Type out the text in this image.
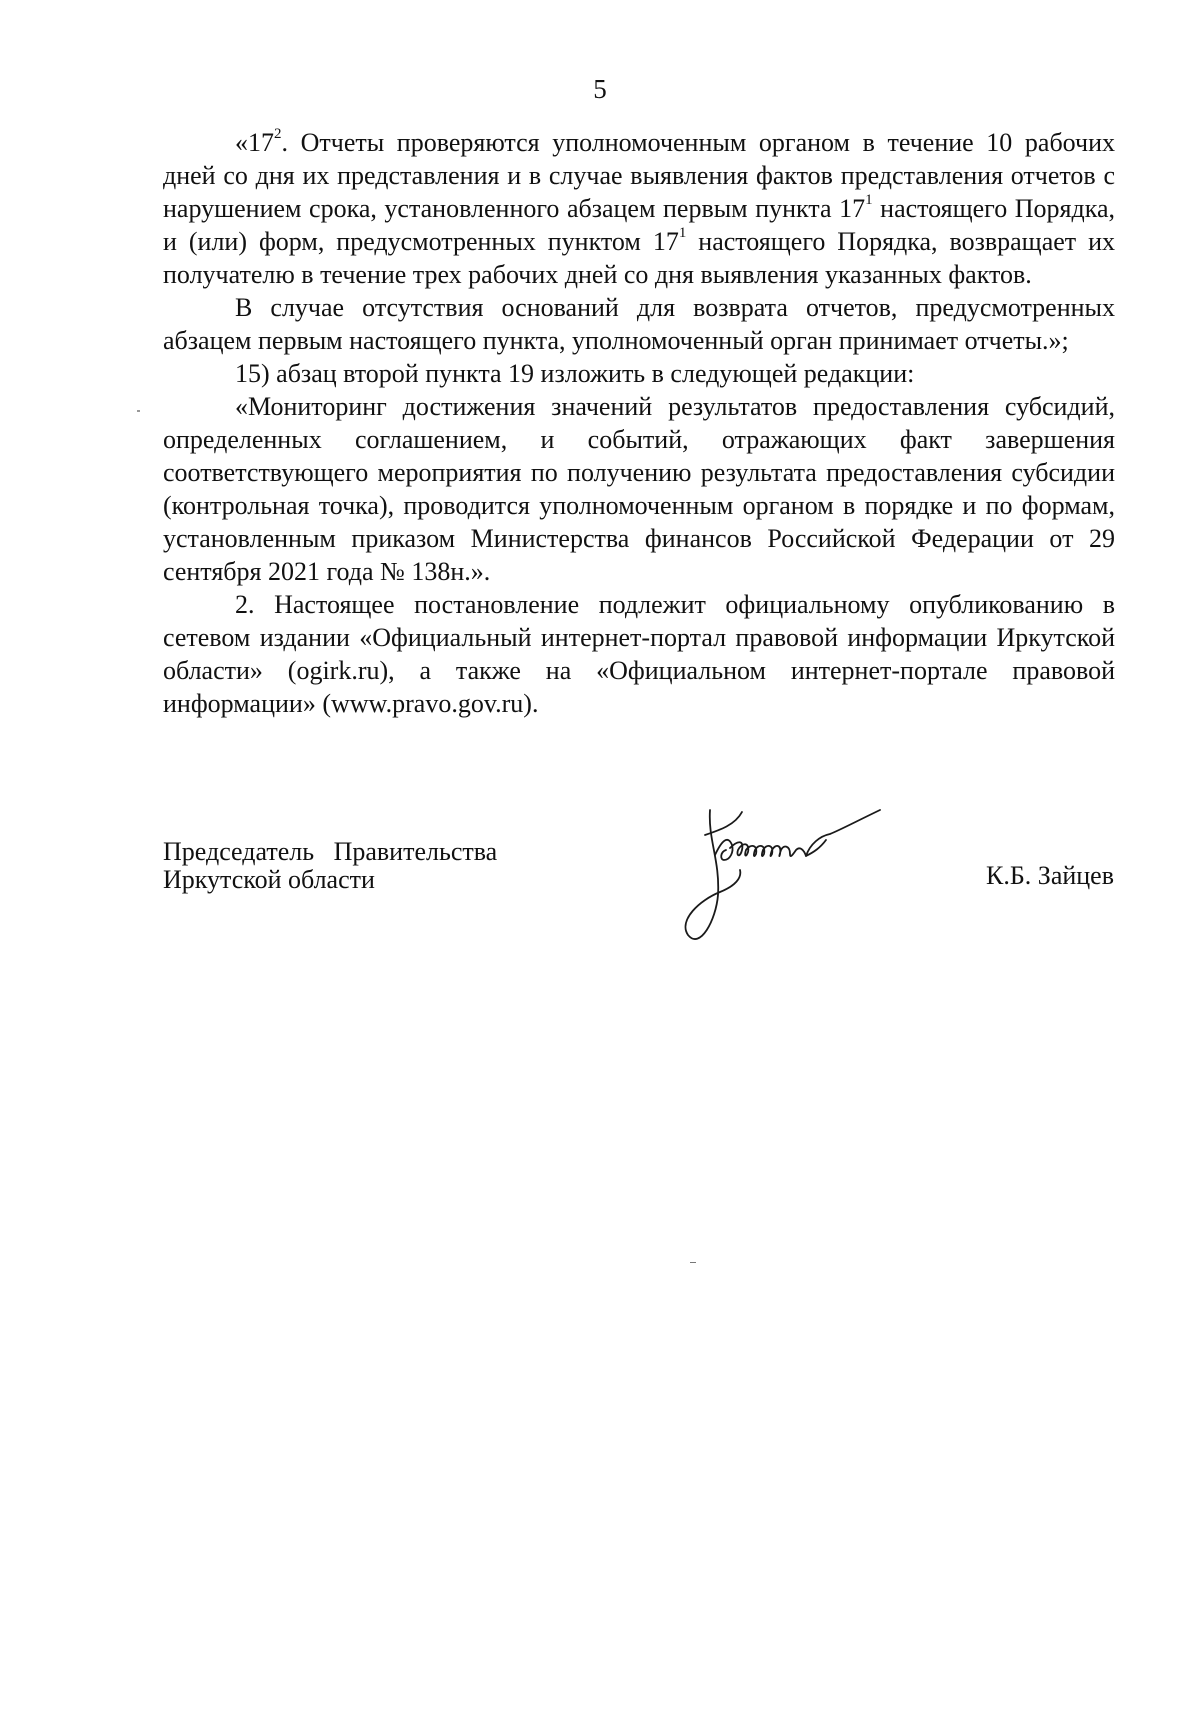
5

«$17^2$. Отчеты проверяются уполномоченным органом в течение 10 рабочих дней со дня их представления и в случае выявления фактов представления отчетов с нарушением срока, установленного абзацем первым пункта $17^1$ настоящего Порядка, и (или) форм, предусмотренных пунктом $17^1$ настоящего Порядка, возвращает их получателю в течение трех рабочих дней со дня выявления указанных фактов.

В случае отсутствия оснований для возврата отчетов, предусмотренных абзацем первым настоящего пункта, уполномоченный орган принимает отчеты.»;

15) абзац второй пункта 19 изложить в следующей редакции:

«Мониторинг достижения значений результатов предоставления субсидий, определенных соглашением, и событий, отражающих факт завершения соответствующего мероприятия по получению результата предоставления субсидии (контрольная точка), проводится уполномоченным органом в порядке и по формам, установленным приказом Министерства финансов Российской Федерации от 29 сентября 2021 года № 138н.».

2. Настоящее постановление подлежит официальному опубликованию в сетевом издании «Официальный интернет-портал правовой информации Иркутской области» (ogirk.ru), а также на «Официальном интернет-портале правовой информации» (www.pravo.gov.ru).

Председатель   Правительства
Иркутской области	К.Б. Зайцев
